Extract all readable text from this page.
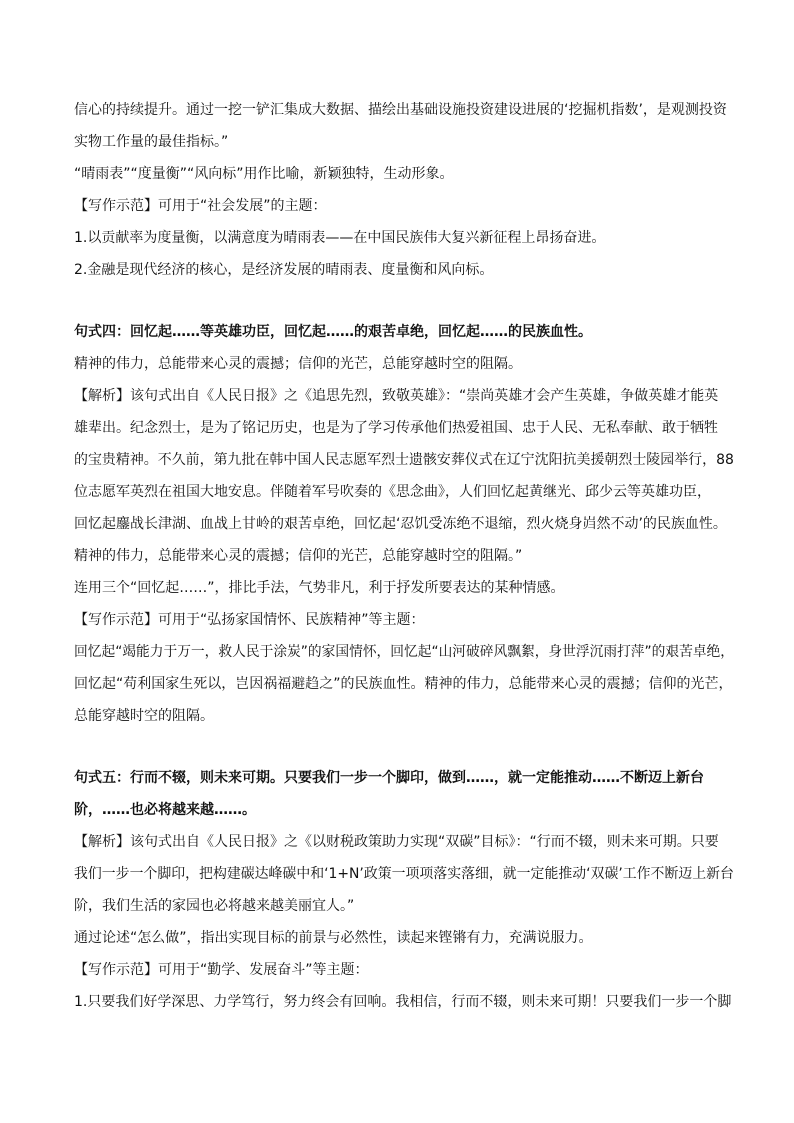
信心的持续提升。通过一挖一铲汇集成大数据、描绘出基础设施投资建设进展的‘挖掘机指数’，是观测投资
实物工作量的最佳指标。”
“晴雨表”“度量衡”“风向标”用作比喻，新颖独特，生动形象。
【写作示范】可用于“社会发展”的主题：
1.以贡献率为度量衡，以满意度为晴雨表——在中国民族伟大复兴新征程上昂扬奋进。
2.金融是现代经济的核心，是经济发展的晴雨表、度量衡和风向标。
句式四：回忆起……等英雄功臣，回忆起……的艰苦卓绝，回忆起……的民族血性。
精神的伟力，总能带来心灵的震撼；信仰的光芒，总能穿越时空的阻隔。
【解析】该句式出自《人民日报》之《追思先烈，致敬英雄》：“崇尚英雄才会产生英雄，争做英雄才能英
雄辈出。纪念烈士，是为了铭记历史，也是为了学习传承他们热爱祖国、忠于人民、无私奉献、敢于牺牲
的宝贵精神。不久前，第九批在韩中国人民志愿军烈士遗骸安葬仪式在辽宁沈阳抗美援朝烈士陵园举行，88
位志愿军英烈在祖国大地安息。伴随着军号吹奏的《思念曲》，人们回忆起黄继光、邱少云等英雄功臣，
回忆起鏖战长津湖、血战上甘岭的艰苦卓绝，回忆起‘忍饥受冻绝不退缩，烈火烧身岿然不动’的民族血性。
精神的伟力，总能带来心灵的震撼；信仰的光芒，总能穿越时空的阻隔。”
连用三个“回忆起……”，排比手法，气势非凡，利于抒发所要表达的某种情感。
【写作示范】可用于“弘扬家国情怀、民族精神”等主题：
回忆起“竭能力于万一，救人民于涂炭”的家国情怀，回忆起“山河破碎风飘絮，身世浮沉雨打萍”的艰苦卓绝，
回忆起“苟利国家生死以，岂因祸福避趋之”的民族血性。精神的伟力，总能带来心灵的震撼；信仰的光芒，
总能穿越时空的阻隔。
句式五：行而不辍，则未来可期。只要我们一步一个脚印，做到……，就一定能推动……不断迈上新台
阶，……也必将越来越……。
【解析】该句式出自《人民日报》之《以财税政策助力实现“双碳”目标》：“行而不辍，则未来可期。只要
我们一步一个脚印，把构建碳达峰碳中和‘1+N’政策一项项落实落细，就一定能推动‘双碳’工作不断迈上新台
阶，我们生活的家园也必将越来越美丽宜人。”
通过论述“怎么做”，指出实现目标的前景与必然性，读起来铿锵有力，充满说服力。
【写作示范】可用于“勤学、发展奋斗”等主题：
1.只要我们好学深思、力学笃行，努力终会有回响。我相信，行而不辍，则未来可期！只要我们一步一个脚
